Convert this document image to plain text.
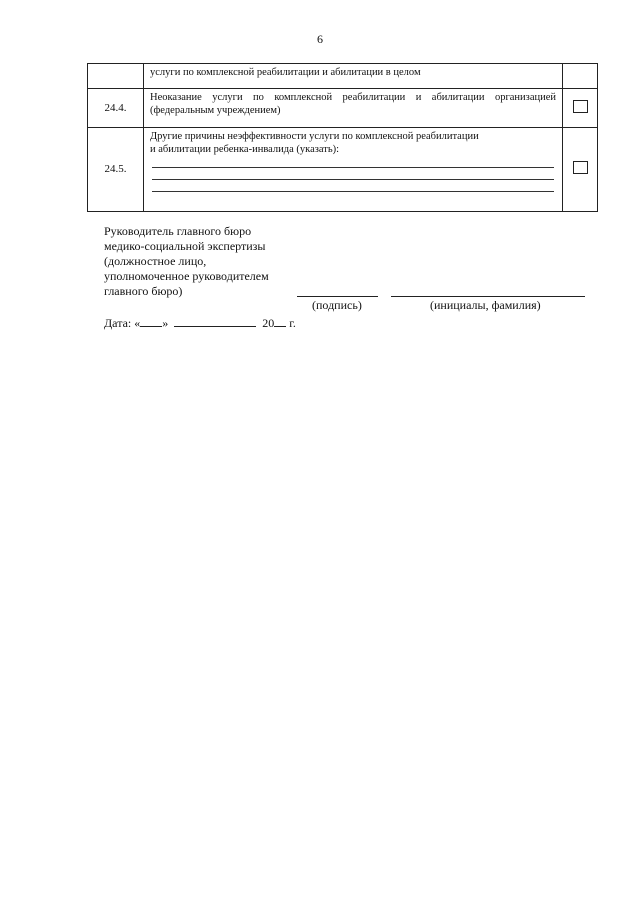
6
	услуги по комплексной реабилитации и абилитации в целом	
24.4.	Неоказание услуги по комплексной реабилитации и абилитации организацией
(федеральным учреждением)	
24.5.	Другие причины неэффективности услуги по комплексной реабилитации
и абилитации ребенка-инвалида (указать):	

Руководитель главного бюро
медико-социальной экспертизы
(должностное лицо,
уполномоченное руководителем
главного бюро)
(подпись)	(инициалы, фамилия)
Дата: « »	20 г.
